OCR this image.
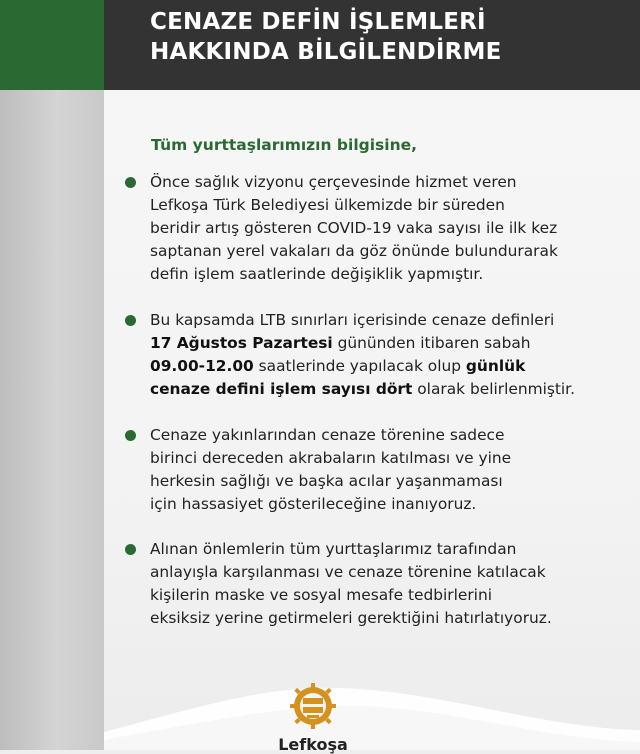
CENAZE DEFİN İŞLEMLERİ
HAKKINDA BİLGİLENDİRME

Tüm yurttaşlarımızın bilgisine,

Önce sağlık vizyonu çerçevesinde hizmet veren

Lefkoşa Türk Belediyesi ülkemizde bir süreden

beridir artış gösteren COVID-19 vaka sayısı ile ilk kez

saptanan yerel vakaları da göz önünde bulundurarak

defin işlem saatlerinde değişiklik yapmıştır.

Bu kapsamda LTB sınırları içerisinde cenaze definleri

17 Ağustos Pazartesi gününden itibaren sabah

09.00-12.00 saatlerinde yapılacak olup günlük

cenaze defini işlem sayısı dört olarak belirlenmiştir.

Cenaze yakınlarından cenaze törenine sadece

birinci dereceden akrabaların katılması ve yine

herkesin sağlığı ve başka acılar yaşanmaması

için hassasiyet gösterileceğine inanıyoruz.

Alınan önlemlerin tüm yurttaşlarımız tarafından

anlayışla karşılanması ve cenaze törenine katılacak

kişilerin maske ve sosyal mesafe tedbirlerini

eksiksiz yerine getirmeleri gerektiğini hatırlatıyoruz.

Lefkoşa
